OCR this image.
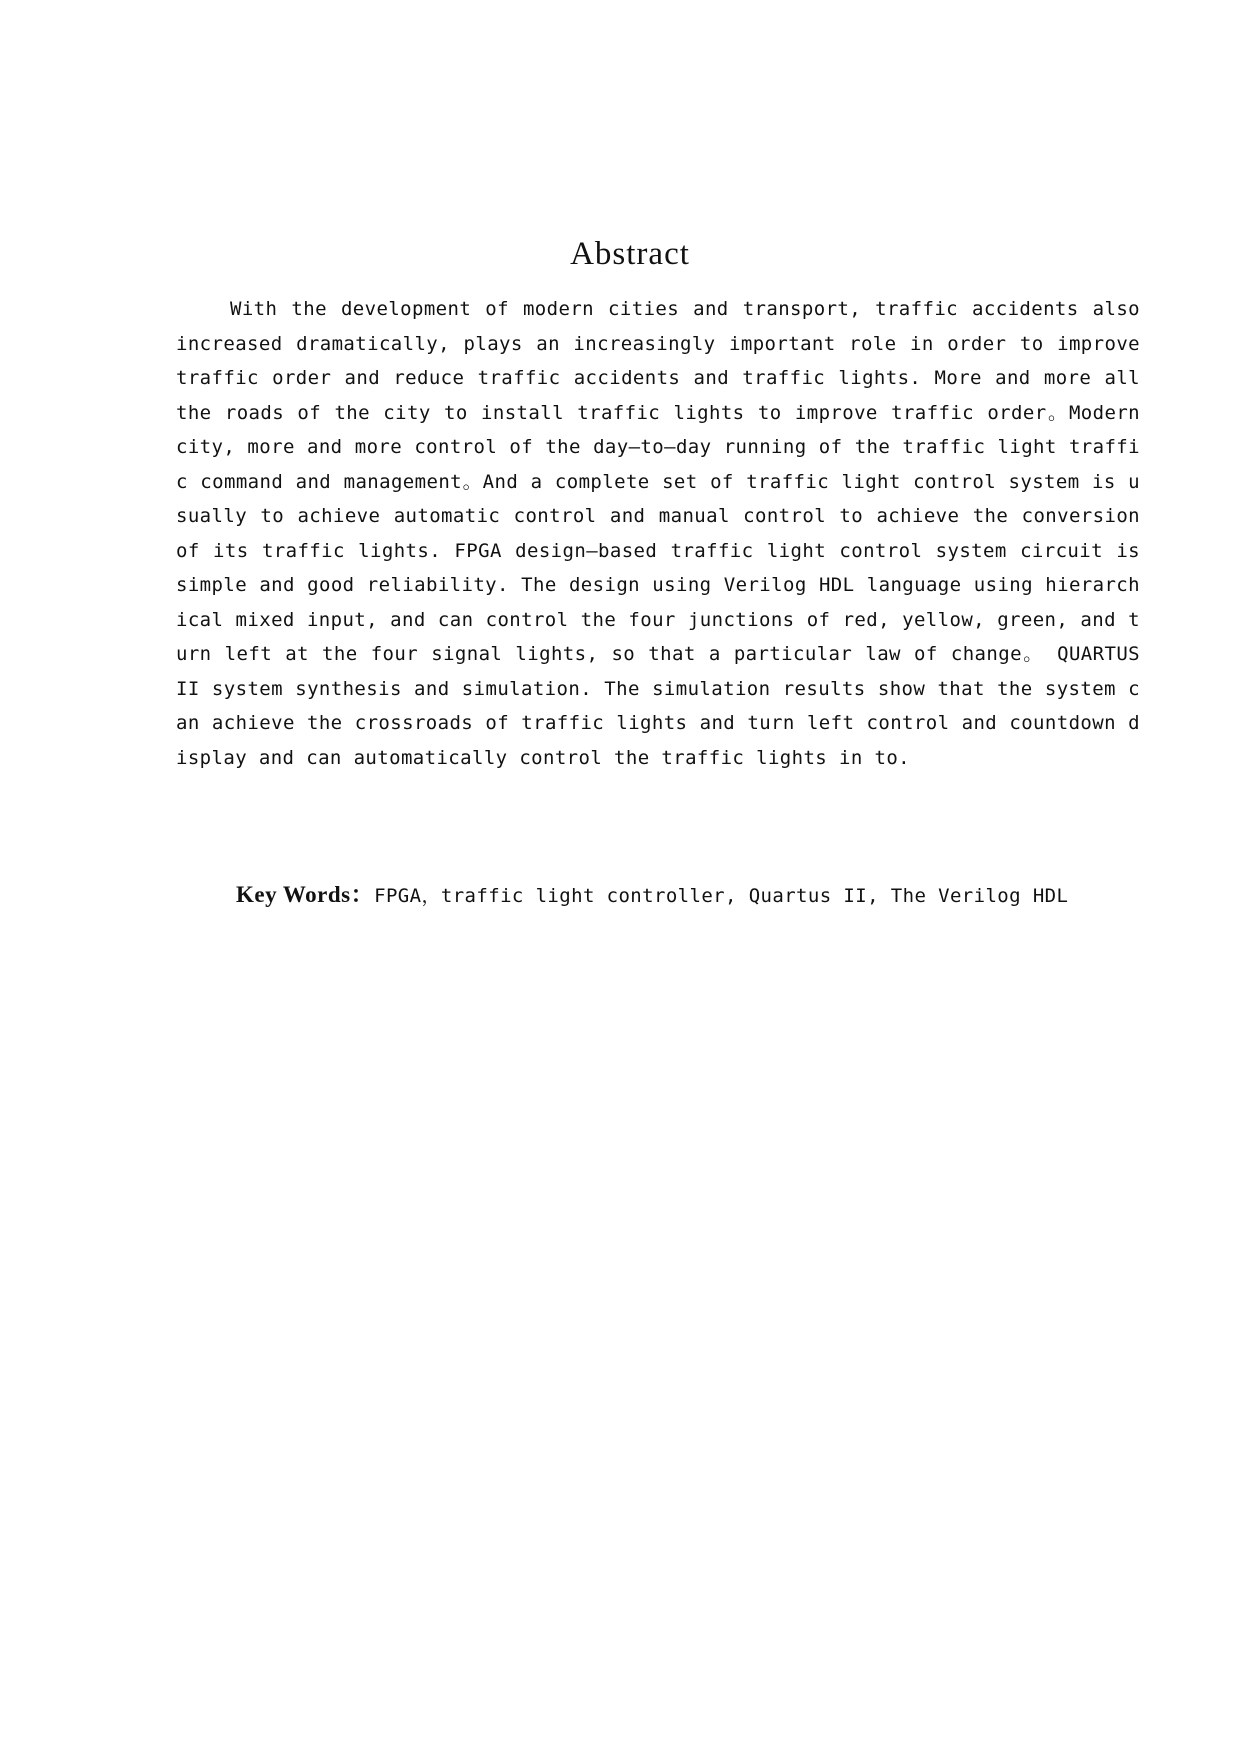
Abstract

With the development of modern cities and transport, traffic accidents also increased dramatically, plays an increasingly important role in order to improve traffic order and reduce traffic accidents and traffic lights. More and more all the roads of the city to install traffic lights to improve traffic order。Modern city, more and more control of the day—to—day running of the traffic light traffic command and management。And a complete set of traffic light control system is usually to achieve automatic control and manual control to achieve the conversion of its traffic lights. FPGA design—based traffic light control system circuit is simple and good reliability. The design using Verilog HDL language using hierarchical mixed input, and can control the four junctions of red, yellow, green, and turn left at the four signal lights, so that a particular law of change。 QUARTUS II system synthesis and simulation. The simulation results show that the system can achieve the crossroads of traffic lights and turn left control and countdown display and can automatically control the traffic lights in to.

Key Words：FPGA，traffic light controller, Quartus II, The Verilog HDL
